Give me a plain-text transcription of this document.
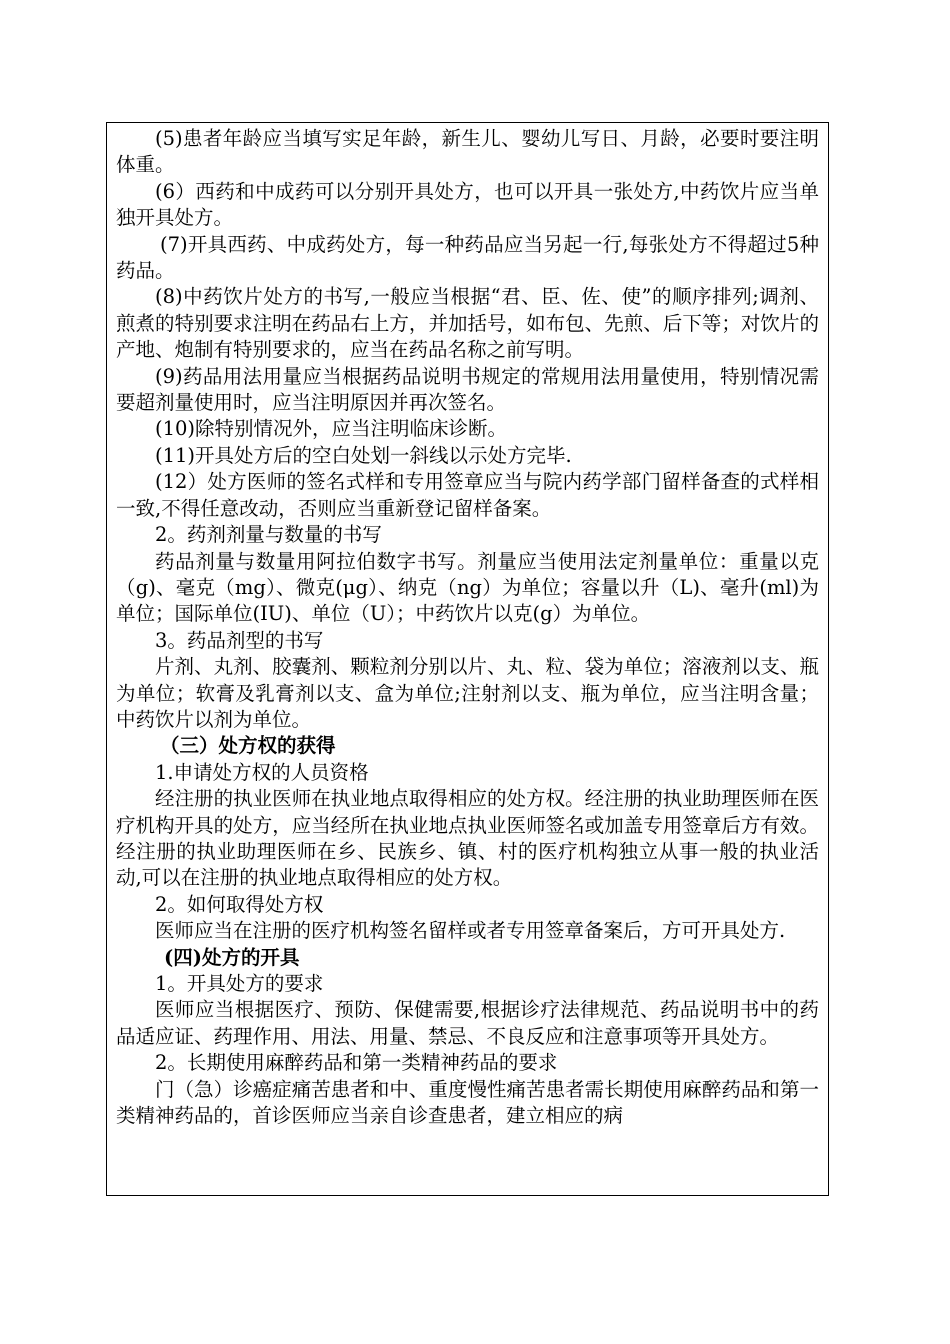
(5)患者年龄应当填写实足年龄，新生儿、婴幼儿写日、月龄，必要时要注明体重。

(6）西药和中成药可以分别开具处方，也可以开具一张处方,中药饮片应当单独开具处方。

(7)开具西药、中成药处方，每一种药品应当另起一行,每张处方不得超过5种药品。

(8)中药饮片处方的书写,一般应当根据“君、臣、佐、使”的顺序排列;调剂、煎煮的特别要求注明在药品右上方，并加括号，如布包、先煎、后下等；对饮片的产地、炮制有特别要求的，应当在药品名称之前写明。

(9)药品用法用量应当根据药品说明书规定的常规用法用量使用，特别情况需要超剂量使用时，应当注明原因并再次签名。

(10)除特别情况外，应当注明临床诊断。

(11)开具处方后的空白处划一斜线以示处方完毕.

(12）处方医师的签名式样和专用签章应当与院内药学部门留样备查的式样相一致,不得任意改动，否则应当重新登记留样备案。

2。药剂剂量与数量的书写

药品剂量与数量用阿拉伯数字书写。剂量应当使用法定剂量单位：重量以克（g)、毫克（mg）、微克(μg）、纳克（ng）为单位；容量以升（L)、毫升(ml)为单位；国际单位(IU)、单位（U）；中药饮片以克(g）为单位。

3。药品剂型的书写

片剂、丸剂、胶囊剂、颗粒剂分别以片、丸、粒、袋为单位；溶液剂以支、瓶为单位；软膏及乳膏剂以支、盒为单位;注射剂以支、瓶为单位，应当注明含量；中药饮片以剂为单位。

（三）处方权的获得

1.申请处方权的人员资格

经注册的执业医师在执业地点取得相应的处方权。经注册的执业助理医师在医疗机构开具的处方，应当经所在执业地点执业医师签名或加盖专用签章后方有效。经注册的执业助理医师在乡、民族乡、镇、村的医疗机构独立从事一般的执业活动,可以在注册的执业地点取得相应的处方权。

2。如何取得处方权

医师应当在注册的医疗机构签名留样或者专用签章备案后，方可开具处方.

(四)处方的开具

1。开具处方的要求

医师应当根据医疗、预防、保健需要,根据诊疗法律规范、药品说明书中的药品适应证、药理作用、用法、用量、禁忌、不良反应和注意事项等开具处方。

2。长期使用麻醉药品和第一类精神药品的要求

门（急）诊癌症痛苦患者和中、重度慢性痛苦患者需长期使用麻醉药品和第一类精神药品的，首诊医师应当亲自诊查患者，建立相应的病
